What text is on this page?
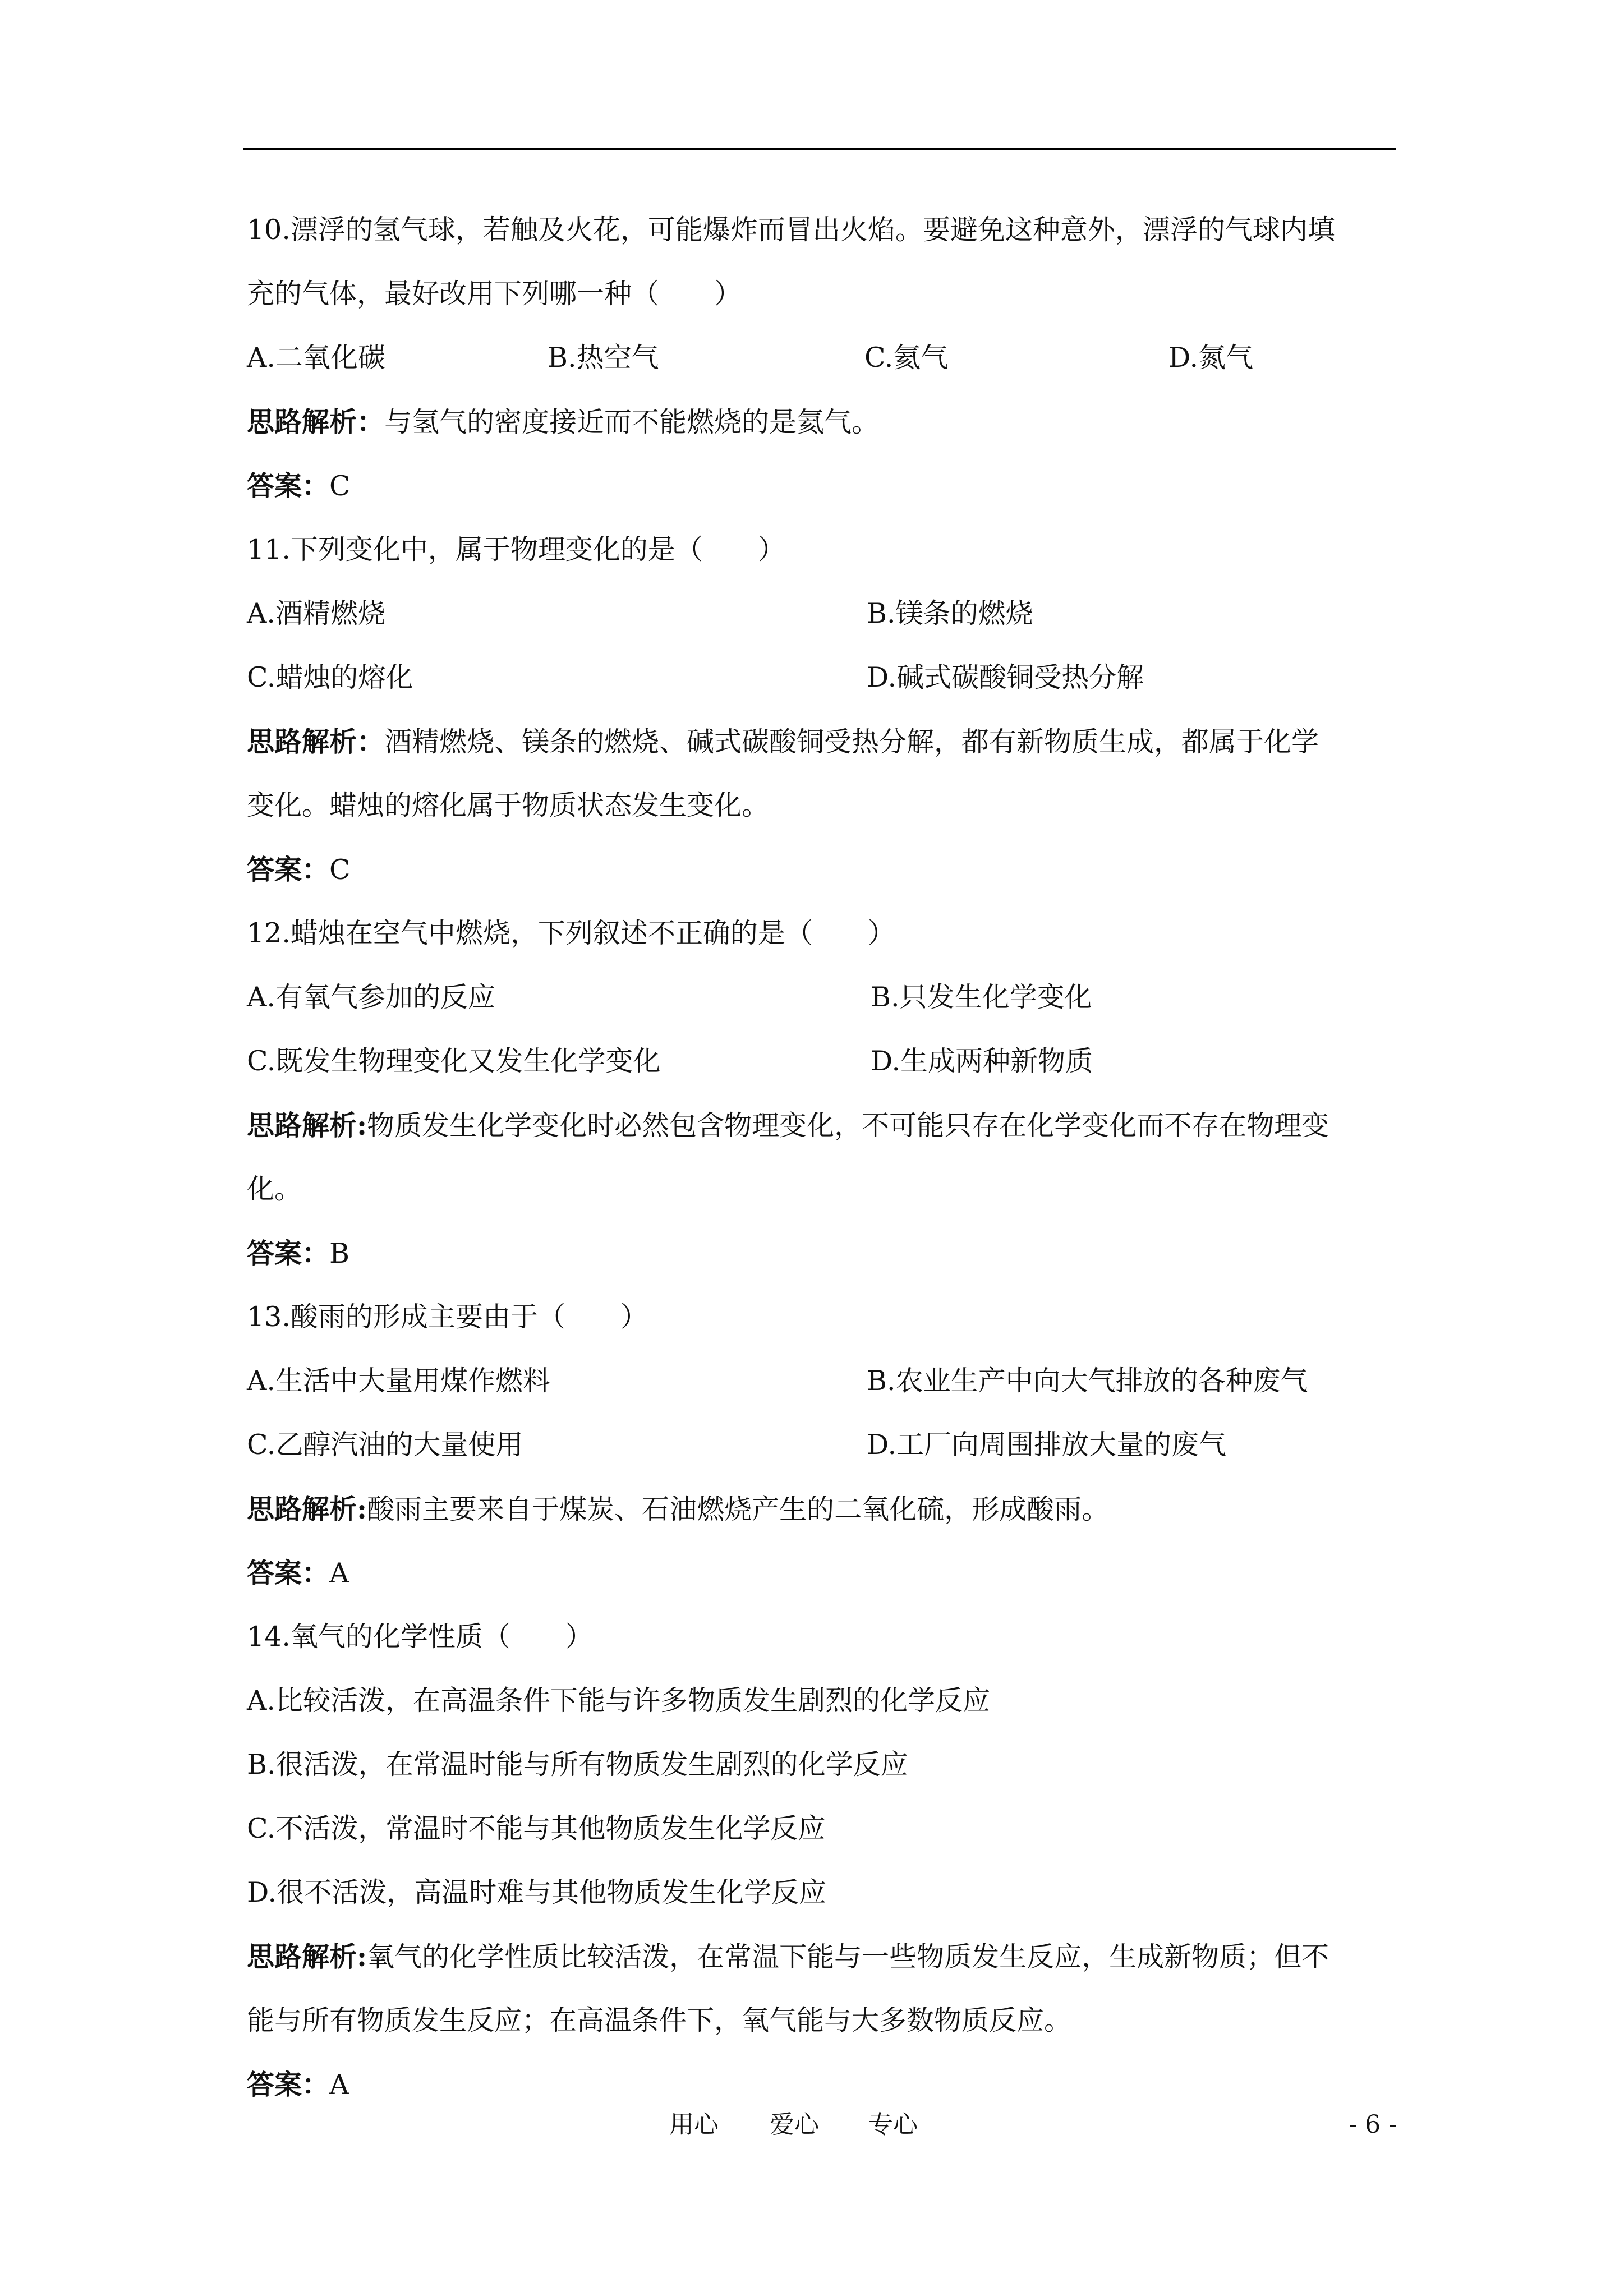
10.漂浮的氢气球，若触及火花，可能爆炸而冒出火焰。要避免这种意外，漂浮的气球内填
充的气体，最好改用下列哪一种（　　）
A.二氧化碳	B.热空气	C.氦气	D.氮气
思路解析：与氢气的密度接近而不能燃烧的是氦气。
答案：C
11.下列变化中，属于物理变化的是（　　）
A.酒精燃烧	B.镁条的燃烧
C.蜡烛的熔化	D.碱式碳酸铜受热分解
思路解析：酒精燃烧、镁条的燃烧、碱式碳酸铜受热分解，都有新物质生成，都属于化学
变化。蜡烛的熔化属于物质状态发生变化。
答案：C
12.蜡烛在空气中燃烧，下列叙述不正确的是（　　）
A.有氧气参加的反应	B.只发生化学变化
C.既发生物理变化又发生化学变化	D.生成两种新物质
思路解析:物质发生化学变化时必然包含物理变化，不可能只存在化学变化而不存在物理变
化。
答案：B
13.酸雨的形成主要由于（　　）
A.生活中大量用煤作燃料	B.农业生产中向大气排放的各种废气
C.乙醇汽油的大量使用	D.工厂向周围排放大量的废气
思路解析:酸雨主要来自于煤炭、石油燃烧产生的二氧化硫，形成酸雨。
答案：A
14.氧气的化学性质（　　）
A.比较活泼，在高温条件下能与许多物质发生剧烈的化学反应
B.很活泼，在常温时能与所有物质发生剧烈的化学反应
C.不活泼，常温时不能与其他物质发生化学反应
D.很不活泼，高温时难与其他物质发生化学反应
思路解析:氧气的化学性质比较活泼，在常温下能与一些物质发生反应，生成新物质；但不
能与所有物质发生反应；在高温条件下，氧气能与大多数物质反应。
答案：A
用心 爱心 专心	- 6 -
